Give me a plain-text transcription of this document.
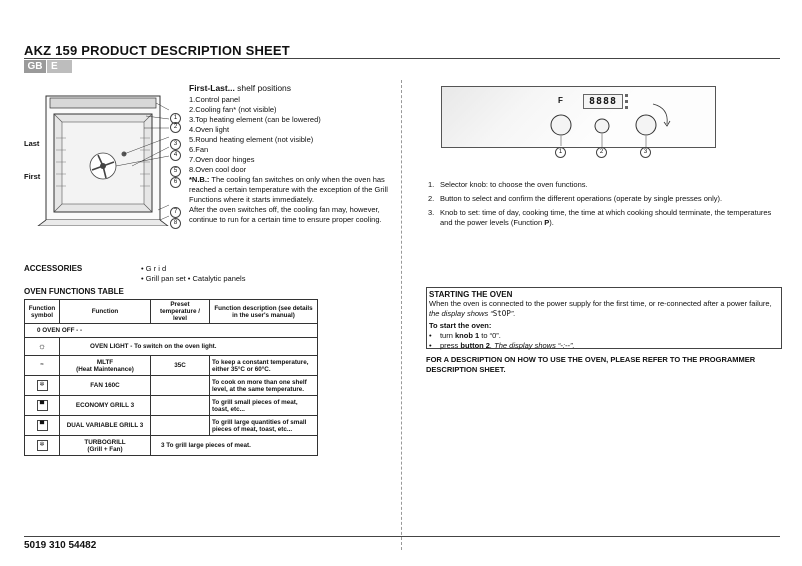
AKZ 159 PRODUCT DESCRIPTION SHEET
GB E
Last
First
1
2
3
4
5
6
7
8
First-Last... shelf positions
1.Control panel
2.Cooling fan* (not visible)
3.Top heating element (can be lowered)
4.Oven light
5.Round heating element (not visible)
6.Fan
7.Oven door hinges
8.Oven cool door
*N.B.: The cooling fan switches on only when the oven has reached a certain temperature with the exception of the Grill Functions where it starts immediately.
After the oven switches off, the cooling fan may, however, continue to run for a certain time to ensure proper cooling.
ACCESSORIES	• G r i d
• Grill pan set • Catalytic panels
OVEN FUNCTIONS TABLE
Function symbol	Function	Preset temperature / level	Function description (see details in the user's manual)
0 OVEN OFF - -			
☼	OVEN LIGHT - To switch on the oven light.		
≈	MLTF
(Heat Maintenance)	35C	To keep a constant temperature, either 35°C or 60°C.
✲	FAN 160C		To cook on more than one shelf level, at the same temperature.
▀	ECONOMY GRILL 3		To grill small pieces of meat, toast, etc...
▀	DUAL VARIABLE GRILL 3		To grill large quantities of small pieces of meat, toast, etc...
✲	TURBOGRILL
(Grill + Fan)	3 To grill large pieces of meat.	
F	8888
1	2	3
1. Selector knob: to choose the oven functions.
2. Button to select and confirm the different operations (operate by single presses only).
3. Knob to set: time of day, cooking time, the time at which cooking should terminate, the temperatures and the power levels (Function P).
STARTING THE OVEN
When the oven is connected to the power supply for the first time, or re-connected after a power failure,
the display shows “StOP”.
To start the oven:
•    turn knob 1 to “0”.
•    press button 2. The display shows “-:--”.
FOR A DESCRIPTION ON HOW TO USE THE OVEN, PLEASE REFER TO THE PROGRAMMER DESCRIPTION SHEET.
5019 310 54482
